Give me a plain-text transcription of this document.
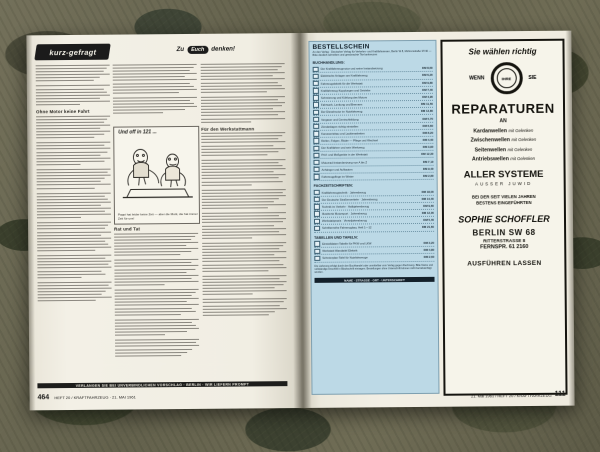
kurz-gefragt	Zu	Euch	denken!
Ohne Motor keine Fahrt
Und off in 121 ...
Pappi hat leider keine Zeit — aber die Mutti, die hat immer Zeit für uns!
Rat und Tat
Für den Werkstattmann
VERLANGEN SIE BEI UNVERBINDLICHEN VORSCHLAG · BERLIN · WIR LIEFERN PROMPT
464 HEFT 20 / KRAFTFAHRZEUG · 21. MAI 1961
BESTELLSCHEIN
An den Verlag · Deutscher Verlag für Verkehrs- und Kraftfahrwesen, Berlin W 8, Mohrenstraße 37/40 — Bitte deutlich schreiben und gewünschte Titel ankreuzen
BUCHHANDLUNG:
Der Kraftfahrzeugmotor und seine Instandsetzung	DM 8,60
Elektrische Anlagen am Kraftfahrzeug	DM 6,20
Fahrzeugelektrik für die Werkstatt	DM 9,80
Kraftfahrzeug-Kupplungen und Getriebe	DM 7,40
Schmierung und Kühlung des Motors	DM 4,90
Fahrwerk, Lenkung und Bremsen	DM 11,50
Der Dieselmotor im Nutzfahrzeug	DM 13,80
Vergaser und Gemischbildung	DM 5,70
Zündanlagen richtig einstellen	DM 6,60
Karosseriebau und Lackierarbeiten	DM 8,20
Reifen, Felgen, Räder — Pflege und Wechsel	DM 4,40
Der Kraftfahrer und sein Werkzeug	DM 3,90
Prüf- und Meßgeräte in der Werkstatt	DM 12,30
Motorrad-Instandsetzung von A bis Z	DM 7,10
Anhänger und Aufbauten	DM 9,40
Fahrzeugpflege im Winter	DM 2,80
FACHZEITSCHRIFTEN:
Kraftfahrzeugtechnik · Jahresbezug	DM 18,00
Der Deutsche Straßenverkehr · Jahresbezug	DM 14,40
Technik im Verkehr · Halbjahresbezug	DM 9,60
Illustrierte Motorsport · Jahresbezug	DM 12,00
Werkstattpraxis · Vierteljahresbezug	DM 5,40
Schriftenreihe Fahrzeugbau, Heft 1—12	DM 21,60
TABELLEN UND TAFELN:
Einstelldaten-Tabelle für PKW und LKW	DM 3,20
Werkstatt-Wandtafel Elektrik	DM 4,80
Schmierplan-Tafel für Nutzfahrzeuge	DM 2,60
Die Lieferung erfolgt durch den Buchhandel oder unmittelbar vom Verlag gegen Rechnung. Bitte Name und vollständige Anschrift in Blockschrift eintragen. Bestellungen ohne Unterschrift können nicht berücksichtigt werden.
NAME · STRASSE · ORT · UNTERSCHRIFT
Sie wählen richtig
WENN	IHRE	SIE
REPARATUREN
AN
Kardanwellen mit Gelenken
Zwischenwellen mit Gelenken
Seitenwellen mit Gelenken
Antriebswellen mit Gelenken
ALLER SYSTEME
AUSSER JUWID
BEI DER SEIT VIELEN JAHREN
BESTENS EINGEFÜHRTEN
SOPHIE SCHOFFLER
BERLIN SW 68
RITTERSTRASSE 8
FERNSPR. 61 2160
AUSFÜHREN LASSEN
21. Mai 1961 / HEFT 20 / KRAFTFAHRZEUG 111
